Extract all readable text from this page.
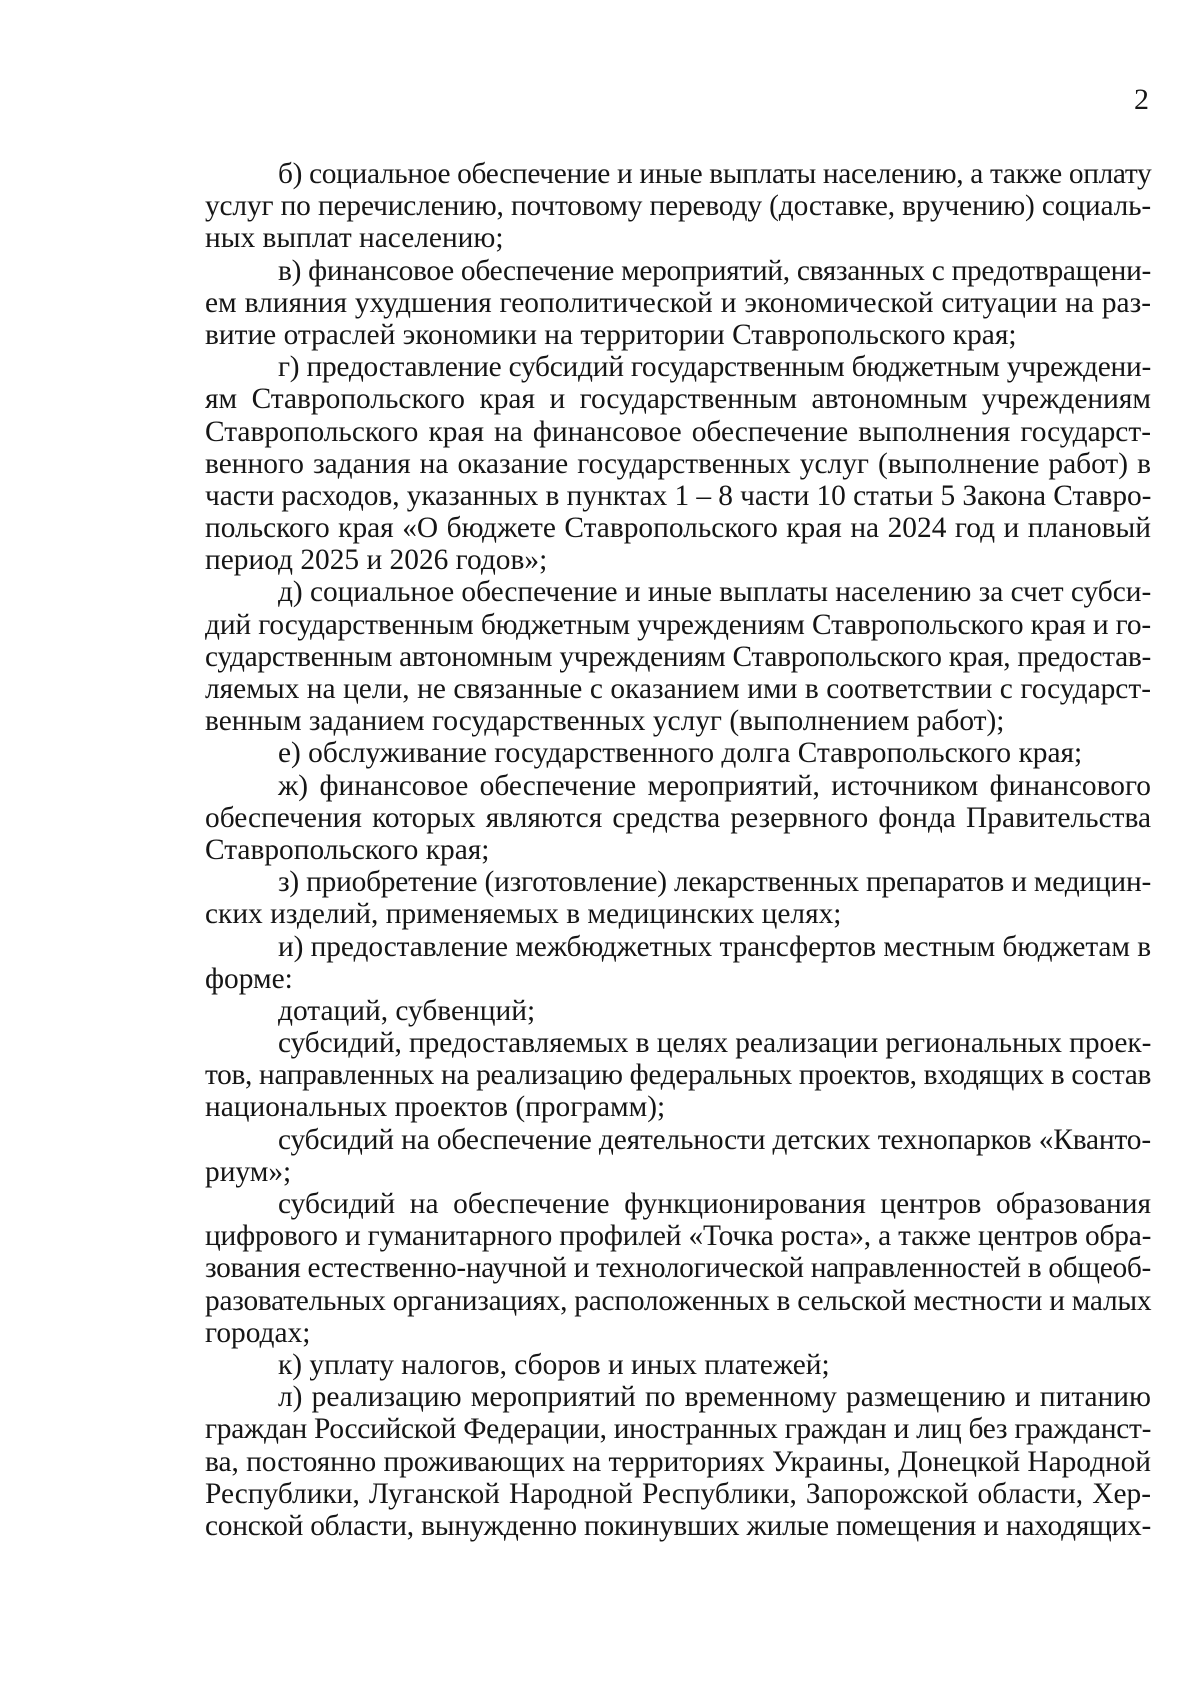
2
б) социальное обеспечение и иные выплаты населению, а также оплату
услуг по перечислению, почтовому переводу (доставке, вручению) социаль-
ных выплат населению;
в) финансовое обеспечение мероприятий, связанных с предотвращени-
ем влияния ухудшения геополитической и экономической ситуации на раз-
витие отраслей экономики на территории Ставропольского края;
г) предоставление субсидий государственным бюджетным учреждени-
ям Ставропольского края и государственным автономным учреждениям
Ставропольского края на финансовое обеспечение выполнения государст-
венного задания на оказание государственных услуг (выполнение работ) в
части расходов, указанных в пунктах 1 – 8 части 10 статьи 5 Закона Ставро-
польского края «О бюджете Ставропольского края на 2024 год и плановый
период 2025 и 2026 годов»;
д) социальное обеспечение и иные выплаты населению за счет субси-
дий государственным бюджетным учреждениям Ставропольского края и го-
сударственным автономным учреждениям Ставропольского края, предостав-
ляемых на цели, не связанные с оказанием ими в соответствии с государст-
венным заданием государственных услуг (выполнением работ);
е) обслуживание государственного долга Ставропольского края;
ж) финансовое обеспечение мероприятий, источником финансового
обеспечения которых являются средства резервного фонда Правительства
Ставропольского края;
з) приобретение (изготовление) лекарственных препаратов и медицин-
ских изделий, применяемых в медицинских целях;
и) предоставление межбюджетных трансфертов местным бюджетам в
форме:
дотаций, субвенций;
субсидий, предоставляемых в целях реализации региональных проек-
тов, направленных на реализацию федеральных проектов, входящих в состав
национальных проектов (программ);
субсидий на обеспечение деятельности детских технопарков «Кванто-
риум»;
субсидий на обеспечение функционирования центров образования
цифрового и гуманитарного профилей «Точка роста», а также центров обра-
зования естественно-научной и технологической направленностей в общеоб-
разовательных организациях, расположенных в сельской местности и малых
городах;
к) уплату налогов, сборов и иных платежей;
л) реализацию мероприятий по временному размещению и питанию
граждан Российской Федерации, иностранных граждан и лиц без гражданст-
ва, постоянно проживающих на территориях Украины, Донецкой Народной
Республики, Луганской Народной Республики, Запорожской области, Хер-
сонской области, вынужденно покинувших жилые помещения и находящих-
